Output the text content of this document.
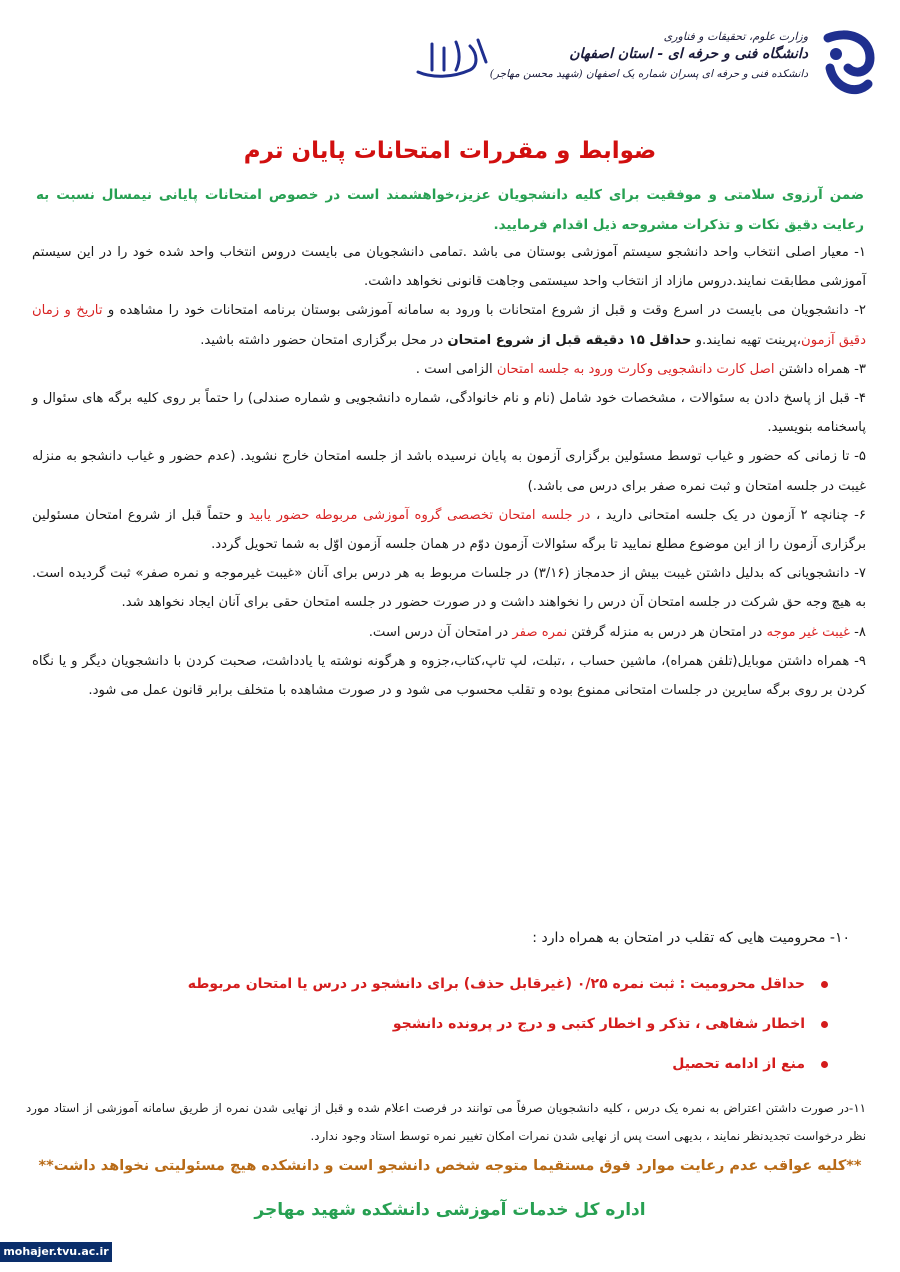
وزارت علوم، تحقیقات و فناوری
دانشگاه فنی و حرفه ای - استان اصفهان
دانشکده فنی و حرفه ای پسران شماره یک اصفهان (شهید محسن مهاجر)
ضوابط و مقررات امتحانات پایان ترم
ضمن آرزوی سلامتی و موفقیت برای کلیه دانشجویان عزیز،خواهشمند است در خصوص امتحانات پایانی نیمسال نسبت به رعایت دقیق نکات و تذکرات مشروحه ذیل اقدام فرمایید.
۱- معیار اصلی انتخاب واحد دانشجو سیستم آموزشی بوستان می باشد .تمامی دانشجویان می بایست دروس انتخاب واحد شده خود را در این سیستم آموزشی مطابقت نمایند.دروس مازاد از انتخاب واحد سیستمی وجاهت قانونی نخواهد داشت.
۲- دانشجویان می بایست در اسرع وقت و قبل از شروع امتحانات با ورود به سامانه آموزشی بوستان برنامه امتحانات خود را مشاهده و تاریخ و زمان دقیق آزمون،پرینت تهیه نمایند.و حداقل ۱۵ دقیقه قبل از شروع امتحان در محل برگزاری امتحان حضور داشته باشید.
۳- همراه داشتن اصل کارت دانشجویی وکارت ورود به جلسه امتحان الزامی است .
۴- قبل از پاسخ دادن به سئوالات ، مشخصات خود شامل (نام و نام خانوادگی، شماره دانشجویی و شماره صندلی) را حتماً بر روی کلیه برگه های سئوال و پاسخنامه بنویسید.
۵- تا زمانی که حضور و غیاب توسط مسئولین برگزاری آزمون به پایان نرسیده باشد از جلسه امتحان خارج نشوید. (عدم حضور و غیاب دانشجو به منزله غیبت در جلسه امتحان و ثبت نمره صفر برای درس می باشد.)
۶- چنانچه ۲ آزمون در یک جلسه امتحانی دارید ، در جلسه امتحان تخصصی گروه آموزشی مربوطه حضور یابید و حتماً قبل از شروع امتحان مسئولین برگزاری آزمون را از این موضوع مطلع نمایید تا برگه سئوالات آزمون دوّم در همان جلسه آزمون اوّل به شما تحویل گردد.
۷- دانشجویانی که بدلیل داشتن غیبت بیش از حدمجاز (۳/۱۶) در جلسات مربوط به هر درس برای آنان «غیبت غیرموجه و نمره صفر» ثبت گردیده است. به هیچ وجه حق شرکت در جلسه امتحان آن درس را نخواهند داشت و در صورت حضور در جلسه امتحان حقی برای آنان ایجاد نخواهد شد.
۸- غیبت غیر موجه در امتحان هر درس به منزله گرفتن نمره صفر در امتحان آن درس است.
۹- همراه داشتن موبایل(تلفن همراه)، ماشین حساب ، ،تبلت، لپ تاپ،کتاب،جزوه و هرگونه نوشته یا یادداشت، صحبت کردن با دانشجویان دیگر و یا نگاه کردن بر روی برگه سایرین در جلسات امتحانی ممنوع بوده و تقلب محسوب می شود و در صورت مشاهده با متخلف برابر قانون عمل می شود.
۱۰- محرومیت هایی که تقلب در امتحان به همراه دارد :
حداقل محرومیت : ثبت نمره ۰/۲۵ (غیرقابل حذف) برای دانشجو در درس یا امتحان مربوطه
اخطار شفاهی ، تذکر و اخطار کتبی و درج در پرونده دانشجو
منع از ادامه تحصیل
۱۱-در صورت داشتن اعتراض به نمره یک درس ، کلیه دانشجویان صرفاً می توانند در فرصت اعلام شده و قبل از نهایی شدن نمره از طریق سامانه آموزشی از استاد مورد نظر درخواست تجدیدنظر نمایند ، بدیهی است پس از نهایی شدن نمرات امکان تغییر نمره توسط استاد وجود ندارد.
**کلیه عواقب عدم رعایت موارد فوق مستقیما متوجه شخص دانشجو است و دانشکده هیچ مسئولیتی نخواهد داشت**
اداره کل خدمات آموزشی دانشکده شهید مهاجر
mohajer.tvu.ac.ir
